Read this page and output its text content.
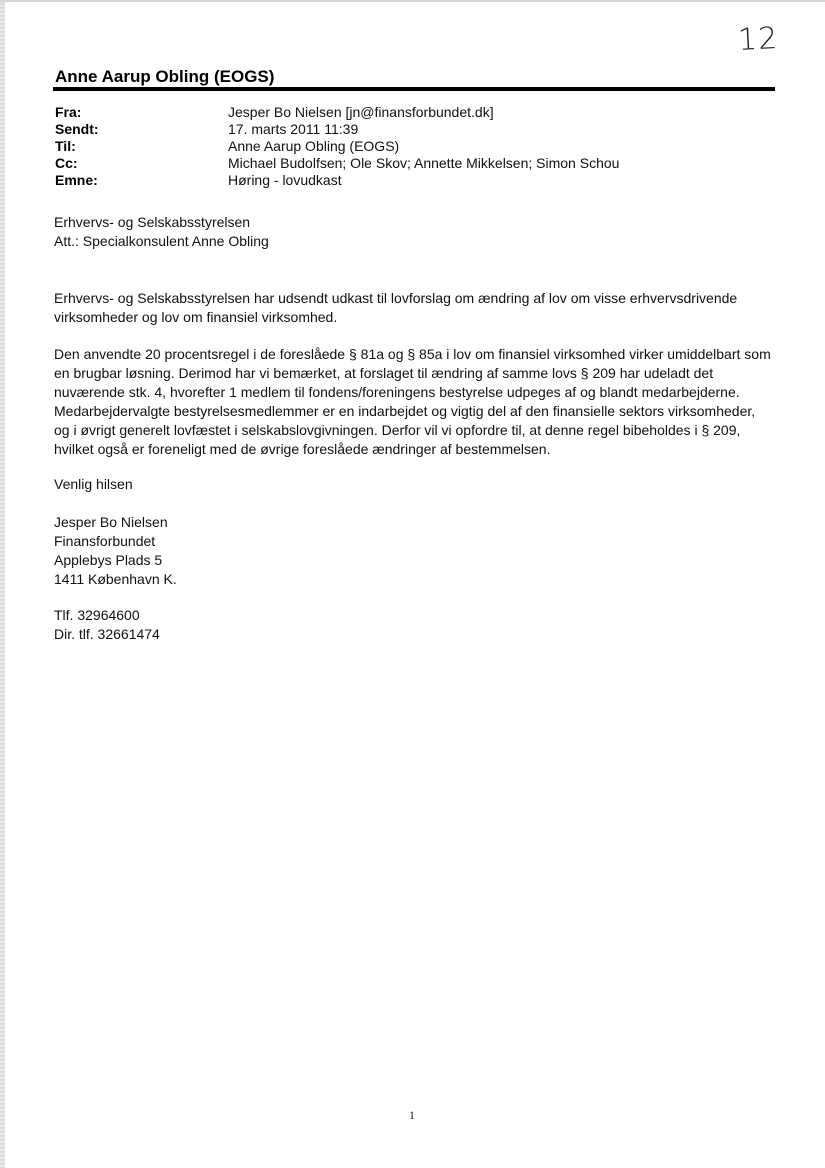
12
Anne Aarup Obling (EOGS)
Fra:	Jesper Bo Nielsen [jn@finansforbundet.dk]
Sendt:	17. marts 2011 11:39
Til:	Anne Aarup Obling (EOGS)
Cc:	Michael Budolfsen; Ole Skov; Annette Mikkelsen; Simon Schou
Emne:	Høring - lovudkast

Erhvervs- og Selskabsstyrelsen

Att.: Specialkonsulent Anne Obling

Erhvervs- og Selskabsstyrelsen har udsendt udkast til lovforslag om ændring af lov om visse erhvervsdrivende virksomheder og lov om finansiel virksomhed.

Den anvendte 20 procentsregel i de foreslåede § 81a og § 85a i lov om finansiel virksomhed virker umiddelbart som en brugbar løsning. Derimod har vi bemærket, at forslaget til ændring af samme lovs § 209 har udeladt det nuværende stk. 4, hvorefter 1 medlem til fondens/foreningens bestyrelse udpeges af og blandt medarbejderne. Medarbejdervalgte bestyrelsesmedlemmer er en indarbejdet og vigtig del af den finansielle sektors virksomheder, og i øvrigt generelt lovfæstet i selskabslovgivningen. Derfor vil vi opfordre til, at denne regel bibeholdes i § 209, hvilket også er foreneligt med de øvrige foreslåede ændringer af bestemmelsen.

Venlig hilsen

Jesper Bo Nielsen

Finansforbundet

Applebys Plads 5

1411 København K.

Tlf. 32964600

Dir. tlf. 32661474

1
